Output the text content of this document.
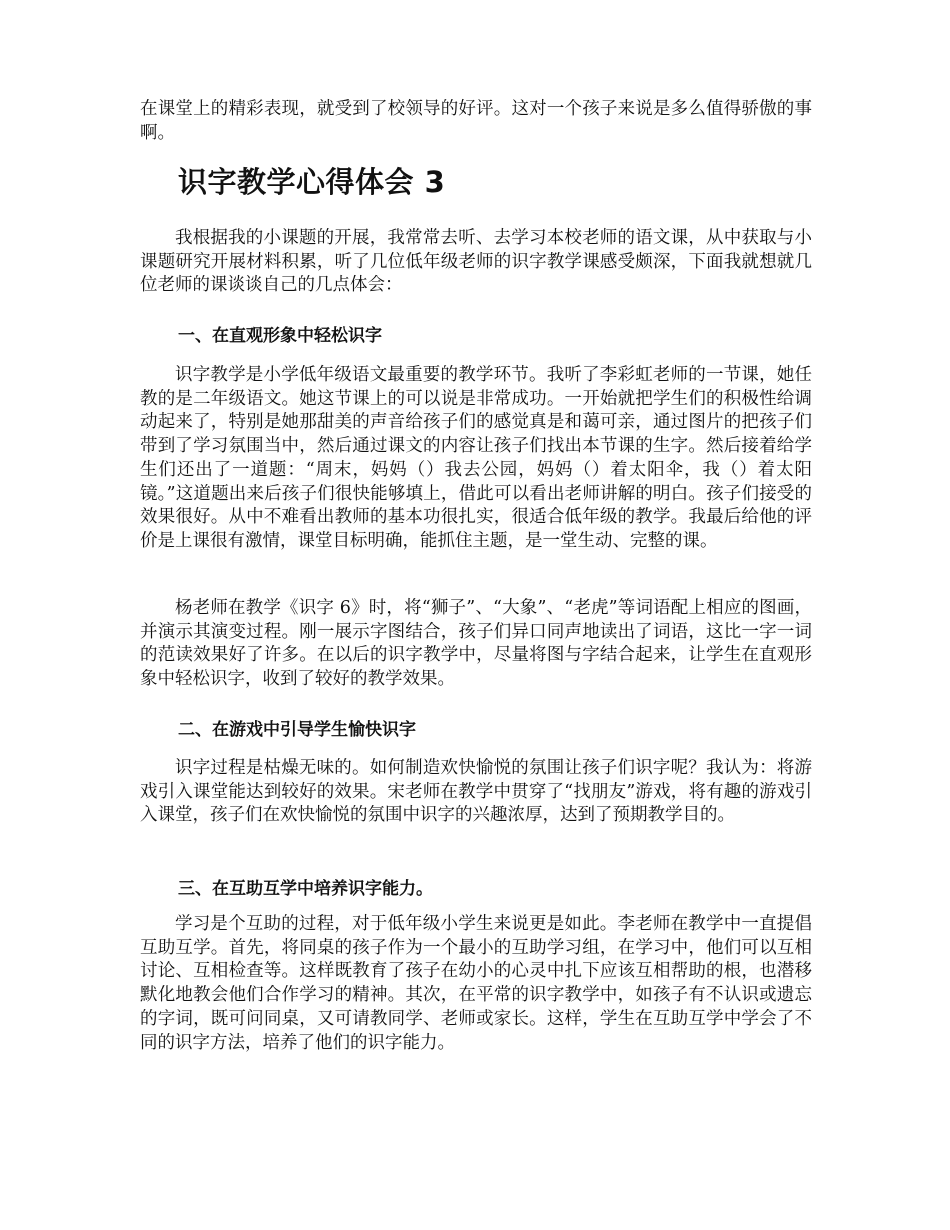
在课堂上的精彩表现，就受到了校领导的好评。这对一个孩子来说是多么值得骄傲的事啊。

识字教学心得体会 3

我根据我的小课题的开展，我常常去听、去学习本校老师的语文课，从中获取与小课题研究开展材料积累，听了几位低年级老师的识字教学课感受颇深，下面我就想就几位老师的课谈谈自己的几点体会：

一、在直观形象中轻松识字

识字教学是小学低年级语文最重要的教学环节。我听了李彩虹老师的一节课，她任教的是二年级语文。她这节课上的可以说是非常成功。一开始就把学生们的积极性给调动起来了，特别是她那甜美的声音给孩子们的感觉真是和蔼可亲，通过图片的把孩子们带到了学习氛围当中，然后通过课文的内容让孩子们找出本节课的生字。然后接着给学生们还出了一道题：“周末，妈妈（）我去公园，妈妈（）着太阳伞，我（）着太阳镜。”这道题出来后孩子们很快能够填上，借此可以看出老师讲解的明白。孩子们接受的效果很好。从中不难看出教师的基本功很扎实，很适合低年级的教学。我最后给他的评价是上课很有激情，课堂目标明确，能抓住主题，是一堂生动、完整的课。

杨老师在教学《识字 6》时，将“狮子”、“大象”、“老虎”等词语配上相应的图画，并演示其演变过程。刚一展示字图结合，孩子们异口同声地读出了词语，这比一字一词的范读效果好了许多。在以后的识字教学中，尽量将图与字结合起来，让学生在直观形象中轻松识字，收到了较好的教学效果。

二、在游戏中引导学生愉快识字

识字过程是枯燥无味的。如何制造欢快愉悦的氛围让孩子们识字呢？我认为：将游戏引入课堂能达到较好的效果。宋老师在教学中贯穿了“找朋友”游戏，将有趣的游戏引入课堂，孩子们在欢快愉悦的氛围中识字的兴趣浓厚，达到了预期教学目的。

三、在互助互学中培养识字能力。

学习是个互助的过程，对于低年级小学生来说更是如此。李老师在教学中一直提倡互助互学。首先，将同桌的孩子作为一个最小的互助学习组，在学习中，他们可以互相讨论、互相检查等。这样既教育了孩子在幼小的心灵中扎下应该互相帮助的根，也潜移默化地教会他们合作学习的精神。其次，在平常的识字教学中，如孩子有不认识或遗忘的字词，既可问同桌，又可请教同学、老师或家长。这样，学生在互助互学中学会了不同的识字方法，培养了他们的识字能力。
